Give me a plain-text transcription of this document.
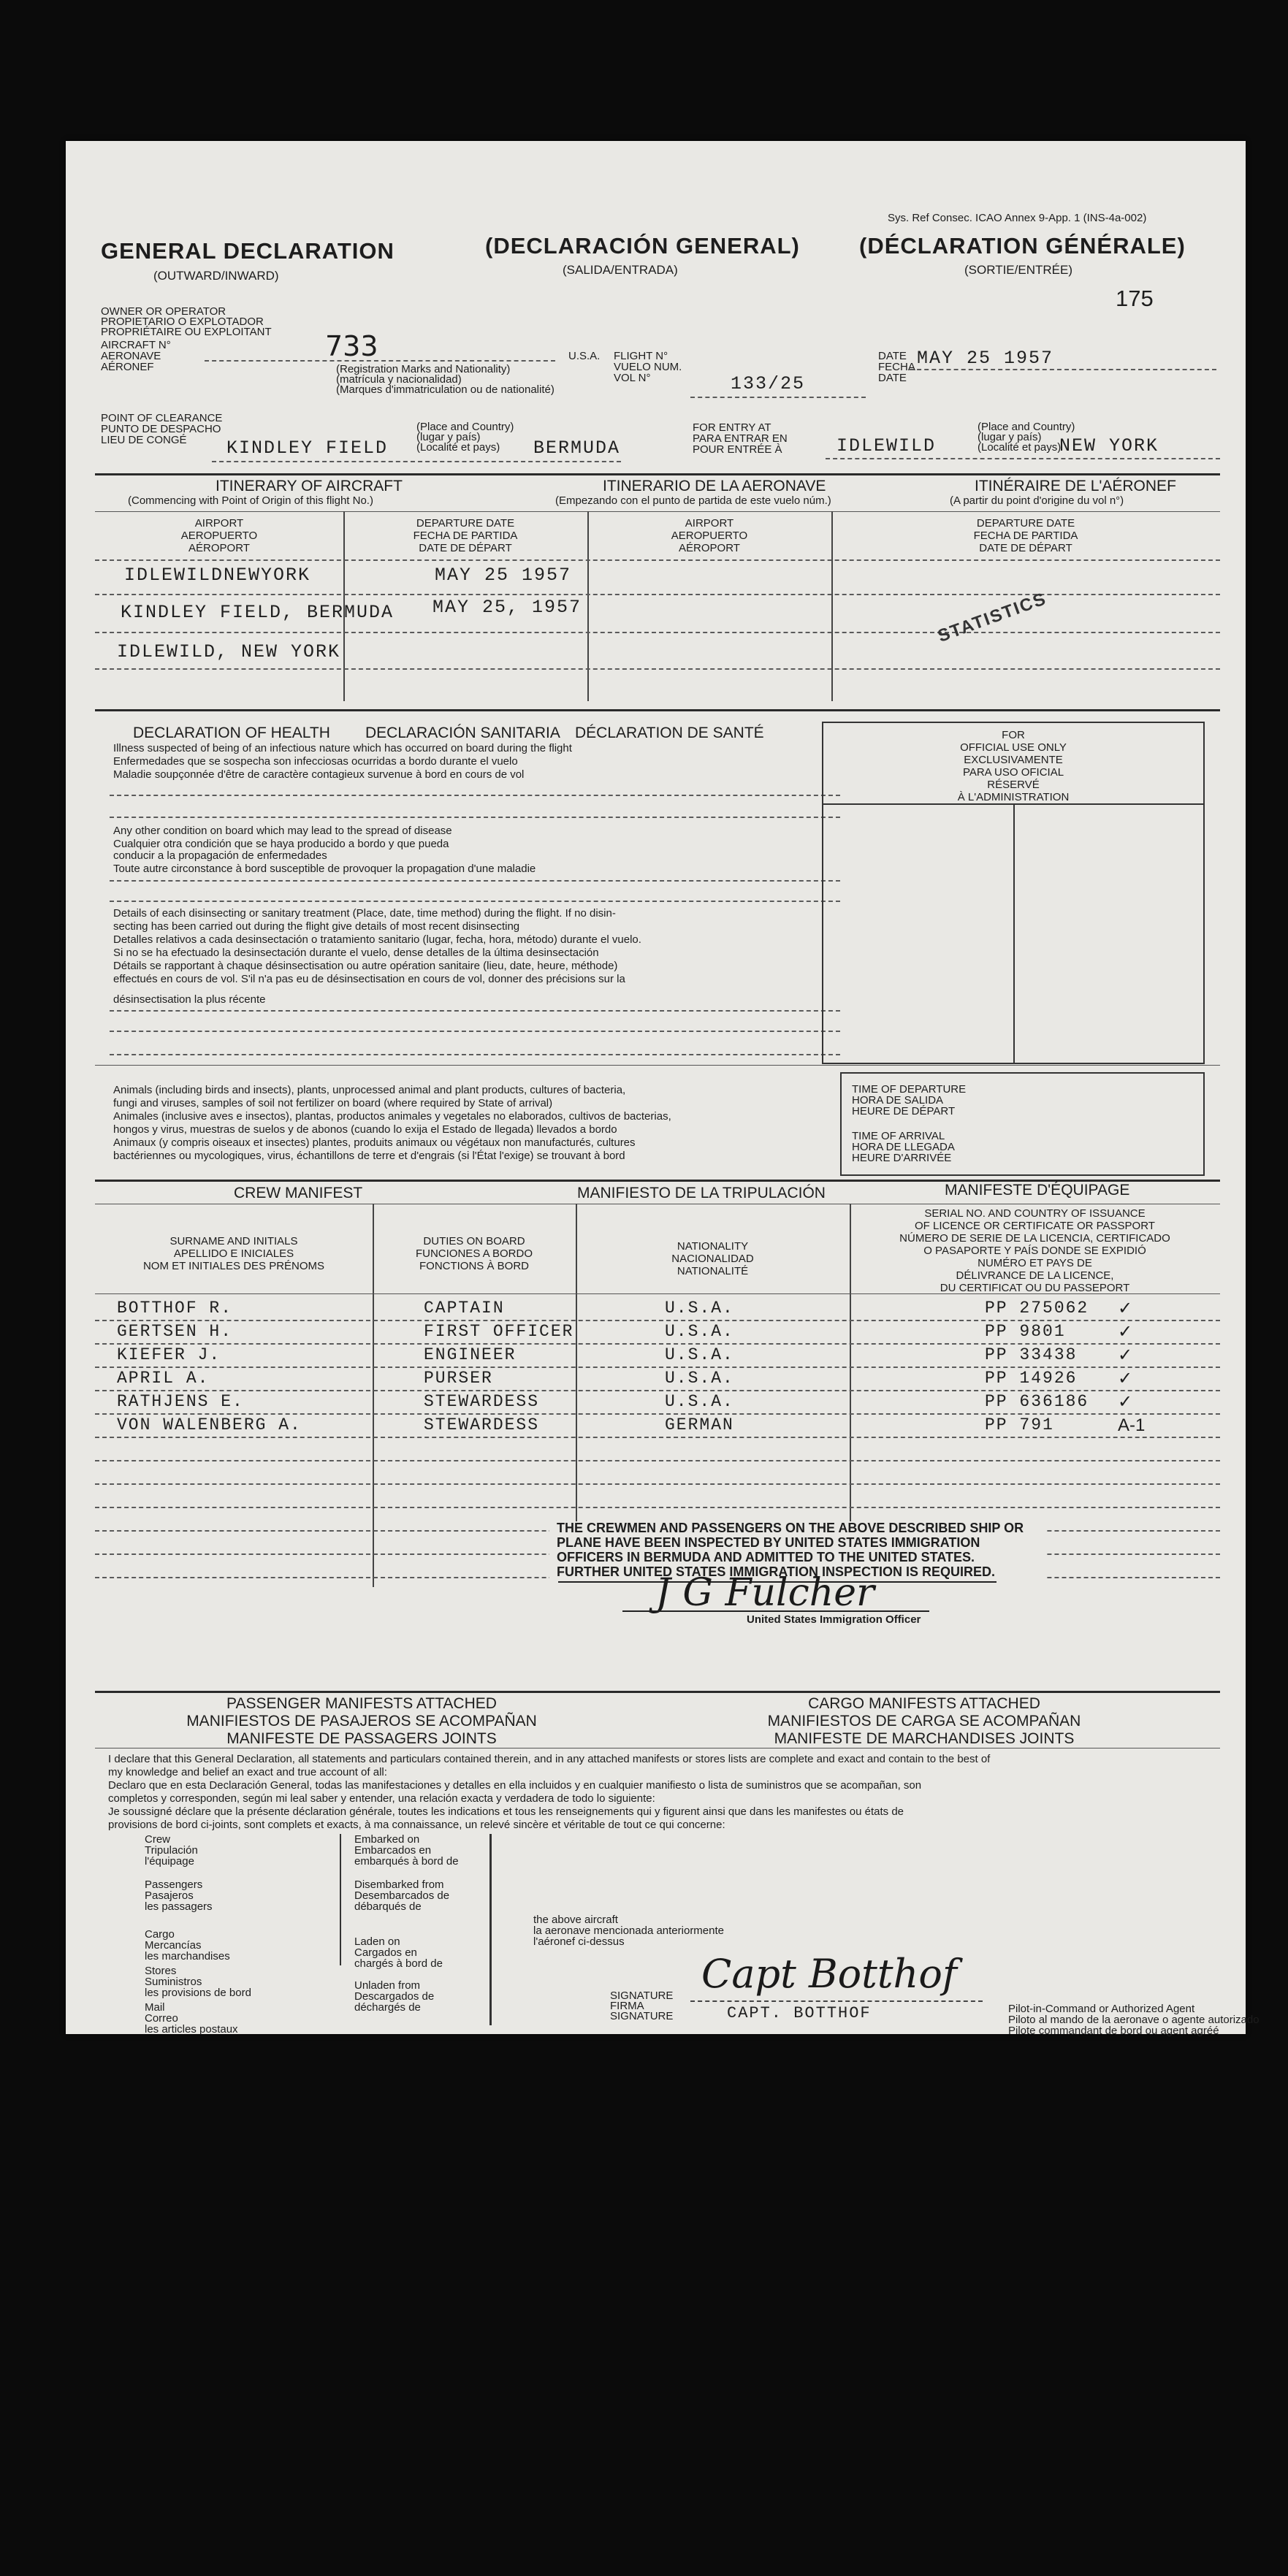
Sys. Ref Consec. ICAO Annex 9-App. 1 (INS-4a-002)
GENERAL DECLARATION
(OUTWARD/INWARD)
(DECLARACIÓN GENERAL)
(SALIDA/ENTRADA)
(DÉCLARATION GÉNÉRALE)
(SORTIE/ENTRÉE)
175
OWNER OR OPERATOR
PROPIETARIO O EXPLOTADOR
PROPRIÉTAIRE OU EXPLOITANT
AIRCRAFT N°
AERONAVE
AÉRONEF
733
(Registration Marks and Nationality)
(matrícula y nacionalidad)
(Marques d'immatriculation ou de nationalité)
U.S.A. FLIGHT N°
VUELO NUM.
VOL N°	133/25
DATE
FECHA
DATE
MAY 25 1957
POINT OF CLEARANCE
PUNTO DE DESPACHO
LIEU DE CONGÉ KINDLEY FIELD	BERMUDA
(Place and Country)
(lugar y país)
(Localité et pays)
FOR ENTRY AT
PARA ENTRAR EN
POUR ENTRÉE À	IDLEWILD	NEW YORK
(Place and Country)
(lugar y país)
(Localité et pays)
ITINERARY OF AIRCRAFT
(Commencing with Point of Origin of this flight No.)
ITINERARIO DE LA AERONAVE
(Empezando con el punto de partida de este vuelo núm.)
ITINÉRAIRE DE L'AÉRONEF
(A partir du point d'origine du vol n°)
AIRPORT
AEROPUERTO
AÉROPORT
DEPARTURE DATE
FECHA DE PARTIDA
DATE DE DÉPART
AIRPORT
AEROPUERTO
AÉROPORT
DEPARTURE DATE
FECHA DE PARTIDA
DATE DE DÉPART
IDLEWILDNEWYORK	MAY 25 1957
KINDLEY FIELD, BERMUDA MAY 25, 1957
IDLEWILD, NEW YORK
STATISTICS
DECLARATION OF HEALTH DECLARACIÓN SANITARIA DÉCLARATION DE SANTÉ
Illness suspected of being of an infectious nature which has occurred on board during the flight
Enfermedades que se sospecha son infecciosas ocurridas a bordo durante el vuelo
Maladie soupçonnée d'être de caractère contagieux survenue à bord en cours de vol
Any other condition on board which may lead to the spread of disease
Cualquier otra condición que se haya producido a bordo y que pueda
conducir a la propagación de enfermedades
Toute autre circonstance à bord susceptible de provoquer la propagation d'une maladie
Details of each disinsecting or sanitary treatment (Place, date, time method) during the flight. If no disin-
secting has been carried out during the flight give details of most recent disinsecting
Detalles relativos a cada desinsectación o tratamiento sanitario (lugar, fecha, hora, método) durante el vuelo.
Si no se ha efectuado la desinsectación durante el vuelo, dense detalles de la última desinsectación
Détails se rapportant à chaque désinsectisation ou autre opération sanitaire (lieu, date, heure, méthode)
effectués en cours de vol. S'il n'a pas eu de désinsectisation en cours de vol, donner des précisions sur la
désinsectisation la plus récente
FOR
OFFICIAL USE ONLY
EXCLUSIVAMENTE
PARA USO OFICIAL
RÉSERVÉ
À L'ADMINISTRATION
Animals (including birds and insects), plants, unprocessed animal and plant products, cultures of bacteria,
fungi and viruses, samples of soil not fertilizer on board (where required by State of arrival)
Animales (inclusive aves e insectos), plantas, productos animales y vegetales no elaborados, cultivos de bacterias,
hongos y virus, muestras de suelos y de abonos (cuando lo exija el Estado de llegada) llevados a bordo
Animaux (y compris oiseaux et insectes) plantes, produits animaux ou végétaux non manufacturés, cultures
bactériennes ou mycologiques, virus, échantillons de terre et d'engrais (si l'État l'exige) se trouvant à bord
TIME OF DEPARTURE
HORA DE SALIDA
HEURE DE DÉPART
TIME OF ARRIVAL
HORA DE LLEGADA
HEURE D'ARRIVÉE
CREW MANIFEST	MANIFIESTO DE LA TRIPULACIÓN	MANIFESTE D'ÉQUIPAGE
SURNAME AND INITIALS
APELLIDO E INICIALES
NOM ET INITIALES DES PRÉNOMS
DUTIES ON BOARD
FUNCIONES A BORDO
FONCTIONS À BORD
NATIONALITY
NACIONALIDAD
NATIONALITÉ
SERIAL NO. AND COUNTRY OF ISSUANCE
OF LICENCE OR CERTIFICATE OR PASSPORT
NÚMERO DE SERIE DE LA LICENCIA, CERTIFICADO
O PASAPORTE Y PAÍS DONDE SE EXPIDIÓ
NUMÉRO ET PAYS DE
DÉLIVRANCE DE LA LICENCE,
DU CERTIFICAT OU DU PASSEPORT
BOTTHOF R.	CAPTAIN	U.S.A.	PP 275062 ✓
GERTSEN H.	FIRST OFFICER	U.S.A.	PP 9801	✓
KIEFER J.	ENGINEER	U.S.A.	PP 33438 ✓
APRIL A.	PURSER	U.S.A.	PP 14926 ✓
RATHJENS E.	STEWARDESS	U.S.A.	PP 636186 ✓
VON WALENBERG A.	STEWARDESS	GERMAN	PP 791	A-1
THE CREWMEN AND PASSENGERS ON THE ABOVE DESCRIBED SHIP OR
PLANE HAVE BEEN INSPECTED BY UNITED STATES IMMIGRATION
OFFICERS IN BERMUDA AND ADMITTED TO THE UNITED STATES.
FURTHER UNITED STATES IMMIGRATION INSPECTION IS REQUIRED.
J G Fulcher
United States Immigration Officer
PASSENGER MANIFESTS ATTACHED
MANIFIESTOS DE PASAJEROS SE ACOMPAÑAN
MANIFESTE DE PASSAGERS JOINTS
CARGO MANIFESTS ATTACHED
MANIFIESTOS DE CARGA SE ACOMPAÑAN
MANIFESTE DE MARCHANDISES JOINTS
I declare that this General Declaration, all statements and particulars contained therein, and in any attached manifests or stores lists are complete and exact and contain to the best of
my knowledge and belief an exact and true account of all:
Declaro que en esta Declaración General, todas las manifestaciones y detalles en ella incluidos y en cualquier manifiesto o lista de suministros que se acompañan, son
completos y corresponden, según mi leal saber y entender, una relación exacta y verdadera de todo lo siguiente:
Je soussigné déclare que la présente déclaration générale, toutes les indications et tous les renseignements qui y figurent ainsi que dans les manifestes ou états de
provisions de bord ci-joints, sont complets et exacts, à ma connaissance, un relevé sincère et véritable de tout ce qui concerne:
Crew
Tripulación
l'équipage
Passengers
Pasajeros
les passagers
Cargo
Mercancías
les marchandises
Stores
Suministros
les provisions de bord
Mail
Correo
les articles postaux
Embarked on
Embarcados en
embarqués à bord de
Disembarked from
Desembarcados de
débarqués de
Laden on
Cargados en
chargés à bord de
Unladen from
Descargados de
déchargés de
the above aircraft
la aeronave mencionada anteriormente
l'aéronef ci-dessus
SIGNATURE
FIRMA
SIGNATURE
Capt Botthof
CAPT. BOTTHOF	Pilot-in-Command or Authorized Agent
Piloto al mando de la aeronave o agente autorizado
Pilote commandant de bord ou agent agréé
